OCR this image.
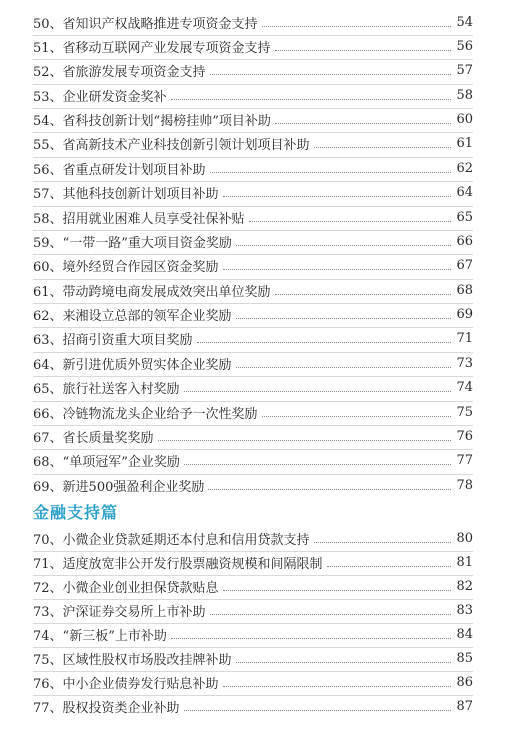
50、省知识产权战略推进专项资金支持	54
51、省移动互联网产业发展专项资金支持	56
52、省旅游发展专项资金支持	57
53、企业研发资金奖补	58
54、省科技创新计划“揭榜挂帅”项目补助	60
55、省高新技术产业科技创新引领计划项目补助	61
56、省重点研发计划项目补助	62
57、其他科技创新计划项目补助	64
58、招用就业困难人员享受社保补贴	65
59、“一带一路”重大项目资金奖励	66
60、境外经贸合作园区资金奖励	67
61、带动跨境电商发展成效突出单位奖励	68
62、来湘设立总部的领军企业奖励	69
63、招商引资重大项目奖励	71
64、新引进优质外贸实体企业奖励	73
65、旅行社送客入村奖励	74
66、冷链物流龙头企业给予一次性奖励	75
67、省长质量奖奖励	76
68、“单项冠军”企业奖励	77
69、新进500强盈利企业奖励	78
金融支持篇
70、小微企业贷款延期还本付息和信用贷款支持	80
71、适度放宽非公开发行股票融资规模和间隔限制	81
72、小微企业创业担保贷款贴息	82
73、沪深证券交易所上市补助	83
74、“新三板”上市补助	84
75、区域性股权市场股改挂牌补助	85
76、中小企业债券发行贴息补助	86
77、股权投资类企业补助	87
